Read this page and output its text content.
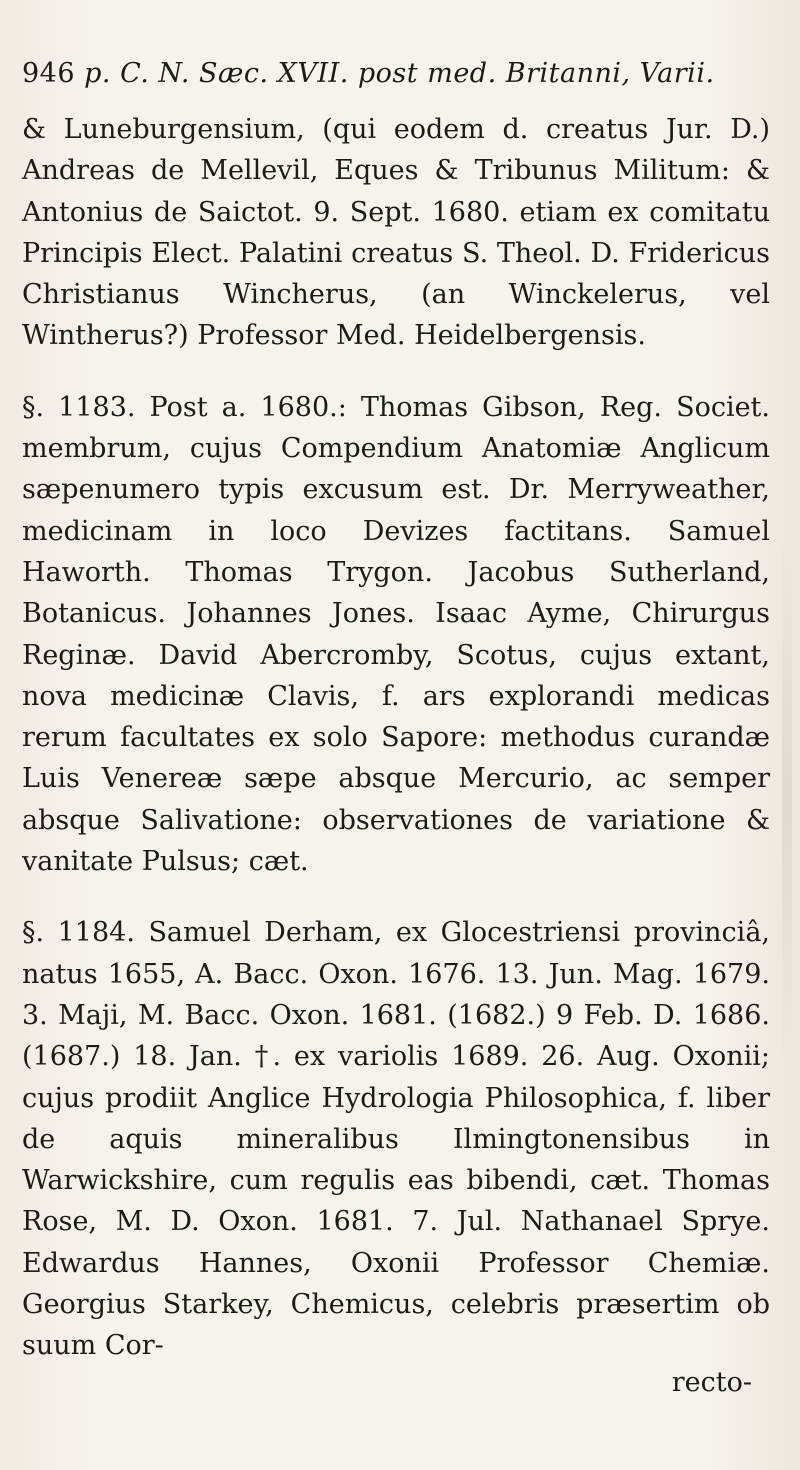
946 p. C. N. Sæc. XVII. post med. Britanni, Varii.

& Luneburgensium, (qui eodem d. creatus Jur. D.) Andreas de Mellevil, Eques & Tribunus Militum: & Antonius de Saictot. 9. Sept. 1680. etiam ex comitatu Principis Elect. Palatini creatus S. Theol. D. Fridericus Christianus Wincherus, (an Winckelerus, vel Wintherus?) Professor Med. Heidelbergensis.

§. 1183. Post a. 1680.: Thomas Gibson, Reg. Societ. membrum, cujus Compendium Anatomiæ Anglicum sæpenumero typis excusum est. Dr. Merryweather, medicinam in loco Devizes factitans. Samuel Haworth. Thomas Trygon. Jacobus Sutherland, Botanicus. Johannes Jones. Isaac Ayme, Chirurgus Reginæ. David Abercromby, Scotus, cujus extant, nova medicinæ Clavis, f. ars explorandi medicas rerum facultates ex solo Sapore: methodus curandæ Luis Venereæ sæpe absque Mercurio, ac semper absque Salivatione: observationes de variatione & vanitate Pulsus; cæt.

§. 1184. Samuel Derham, ex Glocestriensi provinciâ, natus 1655, A. Bacc. Oxon. 1676. 13. Jun. Mag. 1679. 3. Maji, M. Bacc. Oxon. 1681. (1682.) 9 Feb. D. 1686. (1687.) 18. Jan. †. ex variolis 1689. 26. Aug. Oxonii; cujus prodiit Anglice Hydrologia Philosophica, f. liber de aquis mineralibus Ilmingtonensibus in Warwickshire, cum regulis eas bibendi, cæt. Thomas Rose, M. D. Oxon. 1681. 7. Jul. Nathanael Sprye. Edwardus Hannes, Oxonii Professor Chemiæ. Georgius Starkey, Chemicus, celebris præsertim ob suum Cor-

recto-
